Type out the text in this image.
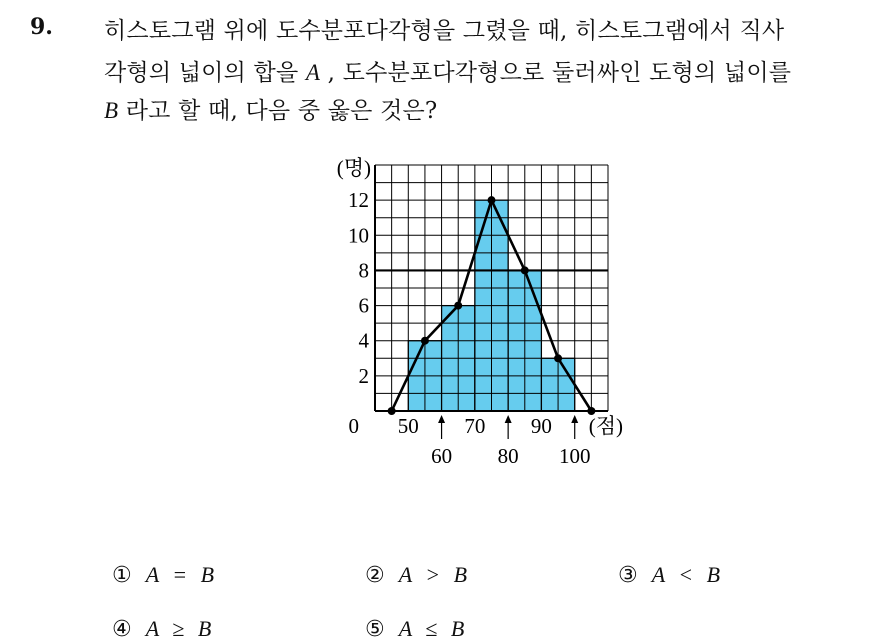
9. 히스토그램 위에 도수분포다각형을 그렸을 때, 히스토그램에서 직사
각형의 넓이의 합을 A , 도수분포다각형으로 둘러싸인 도형의 넓이를
B 라고 할 때, 다음 중 옳은 것은?
2
4
6
8
10
12
(명)
0 50 70 90
60 80 100
(점)
① A = B	② A > B	③ A < B
④ A ≥ B	⑤ A ≤ B
